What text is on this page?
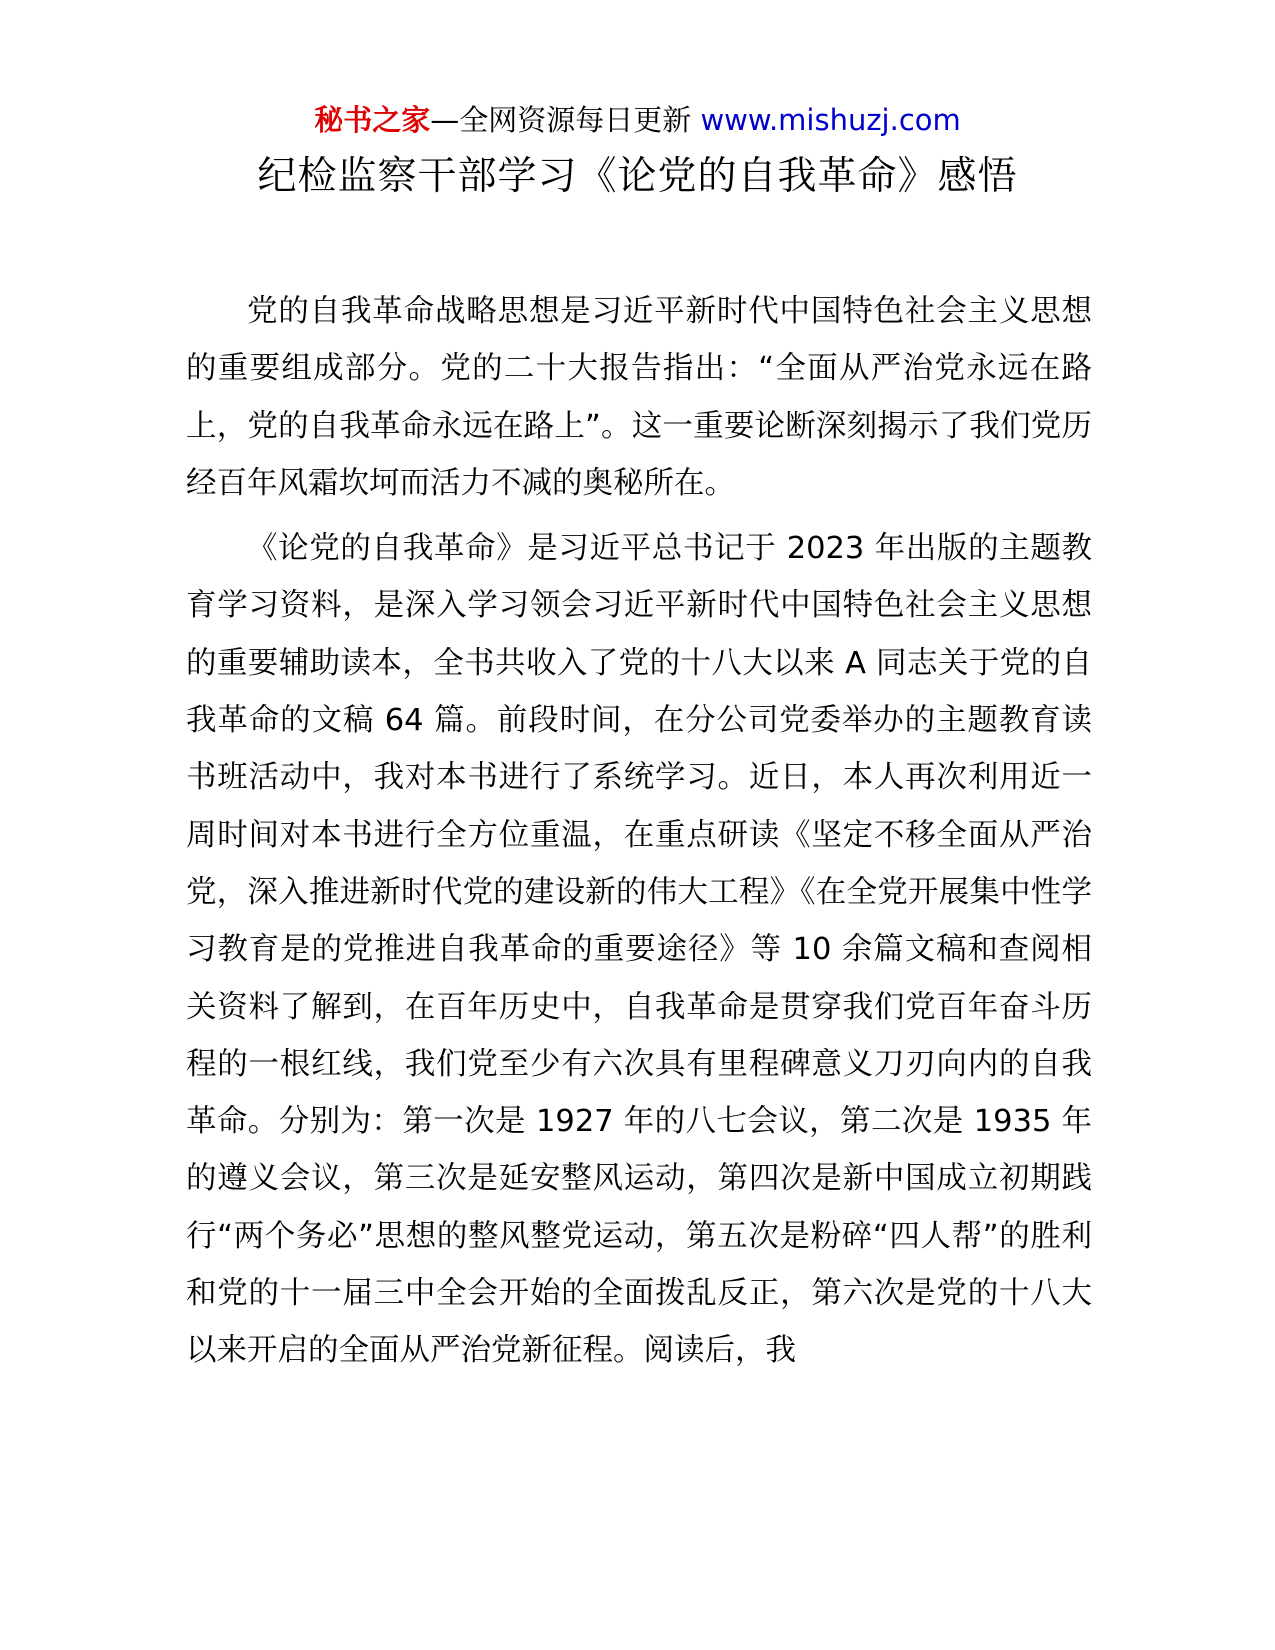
秘书之家—全网资源每日更新 www.mishuzj.com
纪检监察干部学习《论党的自我革命》感悟

党的自我革命战略思想是习近平新时代中国特色社会主义思想的重要组成部分。党的二十大报告指出：“全面从严治党永远在路上，党的自我革命永远在路上”。这一重要论断深刻揭示了我们党历经百年风霜坎坷而活力不减的奥秘所在。

《论党的自我革命》是习近平总书记于 2023 年出版的主题教育学习资料，是深入学习领会习近平新时代中国特色社会主义思想的重要辅助读本，全书共收入了党的十八大以来 A 同志关于党的自我革命的文稿 64 篇。前段时间，在分公司党委举办的主题教育读书班活动中，我对本书进行了系统学习。近日，本人再次利用近一周时间对本书进行全方位重温，在重点研读《坚定不移全面从严治党，深入推进新时代党的建设新的伟大工程》《在全党开展集中性学习教育是的党推进自我革命的重要途径》等 10 余篇文稿和查阅相关资料了解到，在百年历史中，自我革命是贯穿我们党百年奋斗历程的一根红线，我们党至少有六次具有里程碑意义刀刃向内的自我革命。分别为：第一次是 1927 年的八七会议，第二次是 1935 年的遵义会议，第三次是延安整风运动，第四次是新中国成立初期践行“两个务必”思想的整风整党运动，第五次是粉碎“四人帮”的胜利和党的十一届三中全会开始的全面拨乱反正，第六次是党的十八大以来开启的全面从严治党新征程。阅读后，我
